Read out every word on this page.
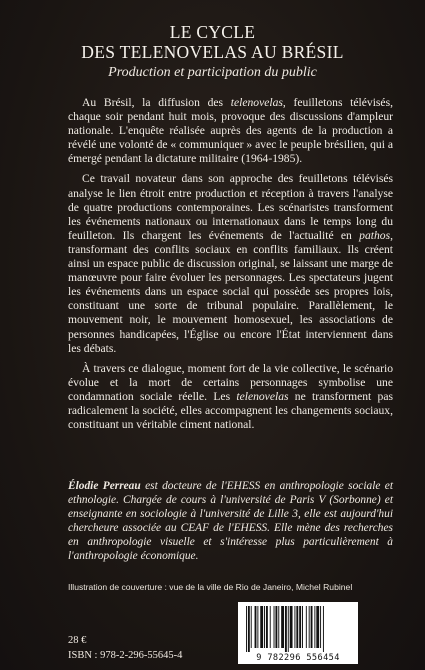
LE CYCLE
DES TELENOVELAS AU BRÉSIL
Production et participation du public

Au Brésil, la diffusion des telenovelas, feuilletons télévisés, chaque soir pendant huit mois, provoque des discussions d'ampleur nationale. L'enquête réalisée auprès des agents de la production a révélé une volonté de « communiquer » avec le peuple brésilien, qui a émergé pendant la dictature militaire (1964-1985).

Ce travail novateur dans son approche des feuilletons télévisés analyse le lien étroit entre production et réception à travers l'analyse de quatre productions contemporaines. Les scénaristes transforment les événements nationaux ou internationaux dans le temps long du feuilleton. Ils chargent les événements de l'actualité en pathos, transformant des conflits sociaux en conflits familiaux. Ils créent ainsi un espace public de discussion original, se laissant une marge de manœuvre pour faire évoluer les personnages. Les spectateurs jugent les événements dans un espace social qui possède ses propres lois, constituant une sorte de tribunal populaire. Parallèlement, le mouvement noir, le mouvement homosexuel, les associations de personnes handicapées, l'Église ou encore l'État interviennent dans les débats.

À travers ce dialogue, moment fort de la vie collective, le scénario évolue et la mort de certains personnages symbolise une condamnation sociale réelle. Les telenovelas ne transforment pas radicalement la société, elles accompagnent les changements sociaux, constituant un véritable ciment national.

Élodie Perreau est docteure de l'EHESS en anthropologie sociale et ethnologie. Chargée de cours à l'université de Paris V (Sorbonne) et enseignante en sociologie à l'université de Lille 3, elle est aujourd'hui chercheure associée au CEAF de l'EHESS. Elle mène des recherches en anthropologie visuelle et s'intéresse plus particulièrement à l'anthropologie économique.
Illustration de couverture : vue de la ville de Rio de Janeiro, Michel Rubinel
28 €
ISBN : 978-2-296-55645-4	9 782296 556454
